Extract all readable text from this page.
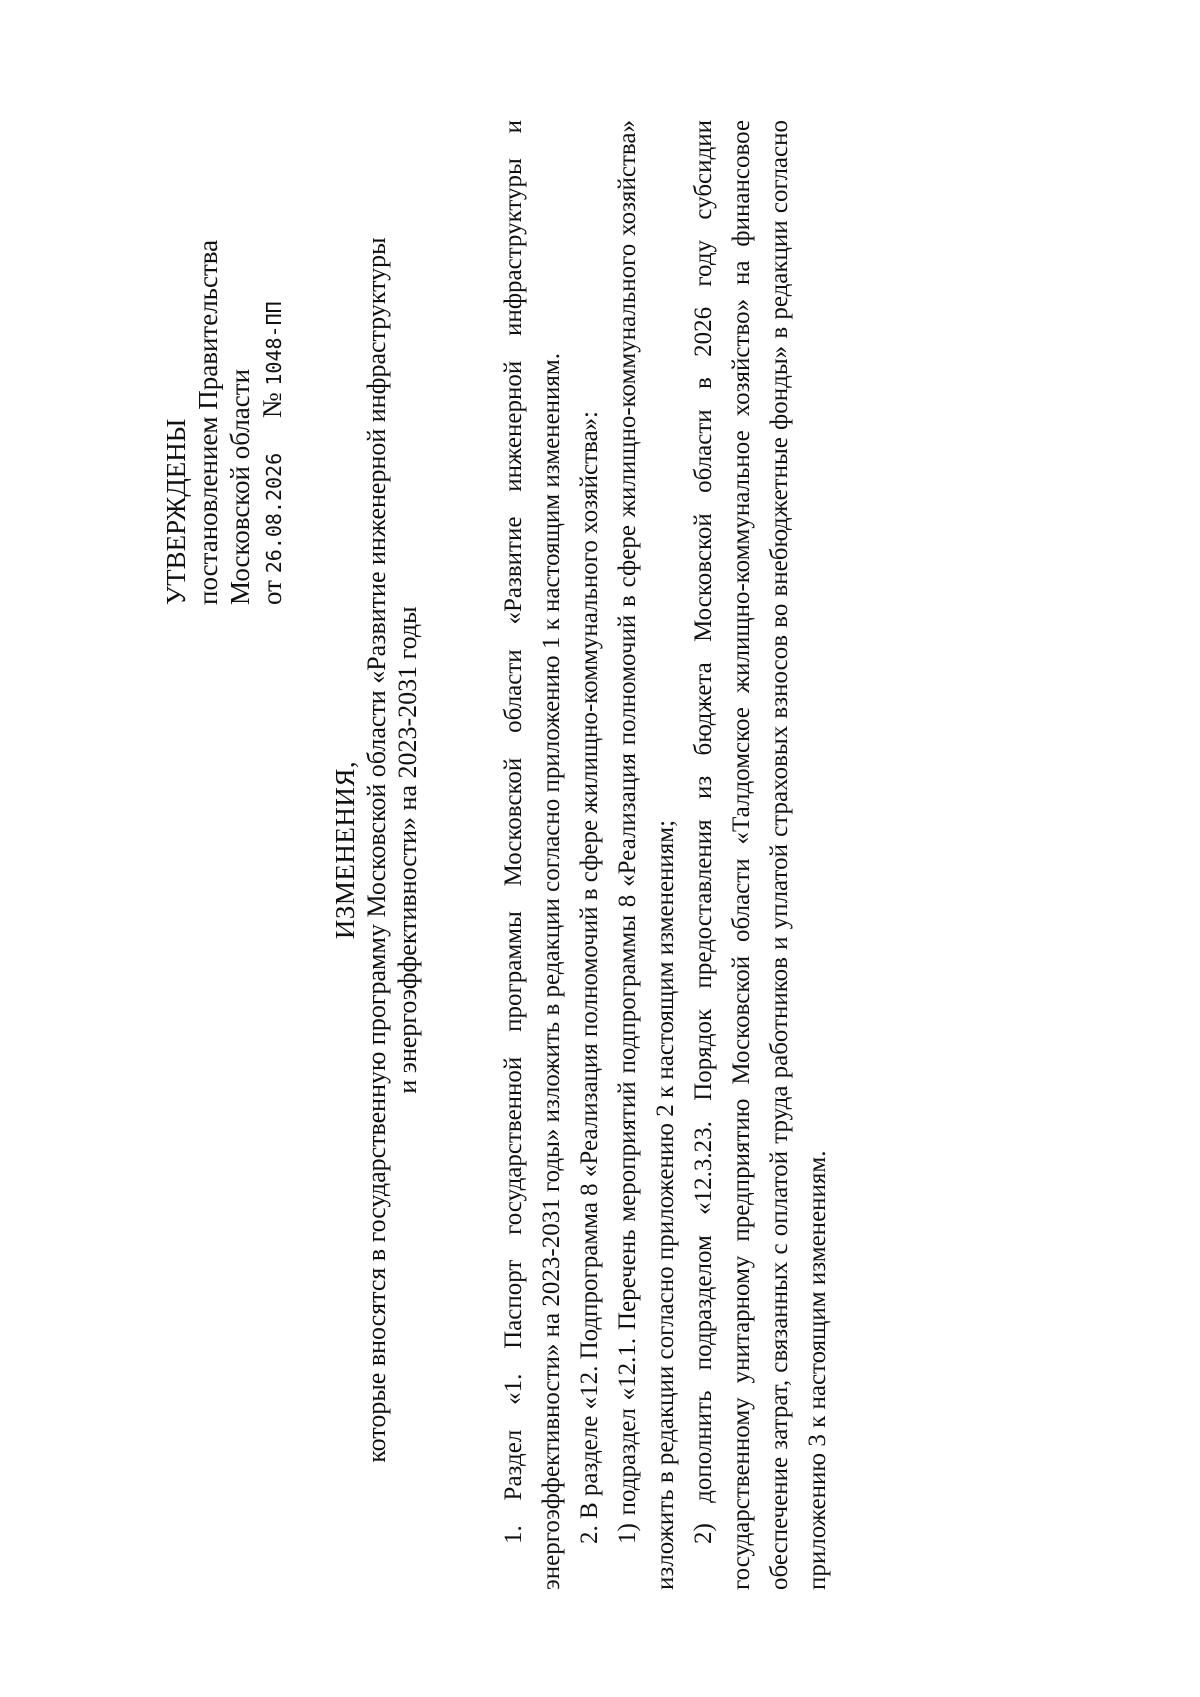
УТВЕРЖДЕНЫ постановлением Правительства Московской области от 26.08.2026 № 1048-ПП
ИЗМЕНЕНИЯ, которые вносятся в государственную программу Московской области «Развитие инженерной инфраструктуры и энергоэффективности» на 2023-2031 годы	1. Раздел «1. Паспорт государственной программы Московской области «Развитие инженерной инфраструктуры и энергоэффективности» на 2023-2031 годы» изложить в редакции согласно приложению 1 к настоящим изменениям. 2. В разделе «12. Подпрограмма 8 «Реализация полномочий в сфере жилищно-коммунального хозяйства»: 1) подраздел «12.1. Перечень мероприятий подпрограммы 8 «Реализация полномочий в сфере жилищно-коммунального хозяйства» изложить в редакции согласно приложению 2 к настоящим изменениям; 2) дополнить подразделом «12.3.23. Порядок предоставления из бюджета Московской области в 2026 году субсидии государственному унитарному предприятию Московской области «Талдомское жилищно-коммунальное хозяйство» на финансовое обеспечение затрат, связанных с оплатой труда работников и уплатой страховых взносов во внебюджетные фонды» в редакции согласно приложению 3 к настоящим изменениям.
